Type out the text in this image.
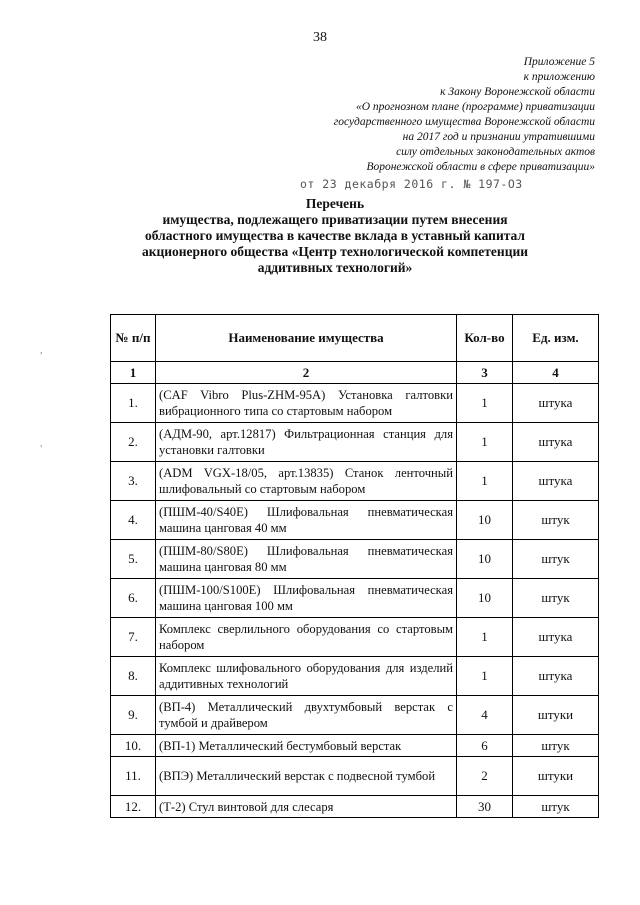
38
Приложение 5
к приложению
к Закону Воронежской области
«О прогнозном плане (программе) приватизации
государственного имущества Воронежской области
на 2017 год и признании утратившими
силу отдельных законодательных актов
Воронежской области в сфере приватизации»
от 23 декабря 2016 г. № 197-ОЗ
Перечень
имущества, подлежащего приватизации путем внесения
областного имущества в качестве вклада в уставный капитал
акционерного общества «Центр технологической компетенции
аддитивных технологий»
,
,
№ п/п	Наименование имущества	Кол-во	Ед. изм.
1	2	3	4
1.	(CAF Vibro Plus-ZHM-95A) Установка галтовки вибрационного типа со стартовым набором	1	штука
2.	(АДМ-90, арт.12817) Фильтрационная станция для установки галтовки	1	штука
3.	(ADM VGX-18/05, арт.13835) Станок ленточный шлифовальный со стартовым набором	1	штука
4.	(ПШМ-40/S40E) Шлифовальная пневматическая машина цанговая 40 мм	10	штук
5.	(ПШМ-80/S80E) Шлифовальная пневматическая машина цанговая 80 мм	10	штук
6.	(ПШМ-100/S100E) Шлифовальная пневматическая машина цанговая 100 мм	10	штук
7.	Комплекс сверлильного оборудования со стартовым набором	1	штука
8.	Комплекс шлифовального оборудования для изделий аддитивных технологий	1	штука
9.	(ВП-4) Металлический двухтумбовый верстак с тумбой и драйвером	4	штуки
10.	(ВП-1) Металлический бестумбовый верстак	6	штук
11.	(ВПЭ) Металлический верстак с подвесной тумбой	2	штуки
12.	(Т-2) Стул винтовой для слесаря	30	штук
